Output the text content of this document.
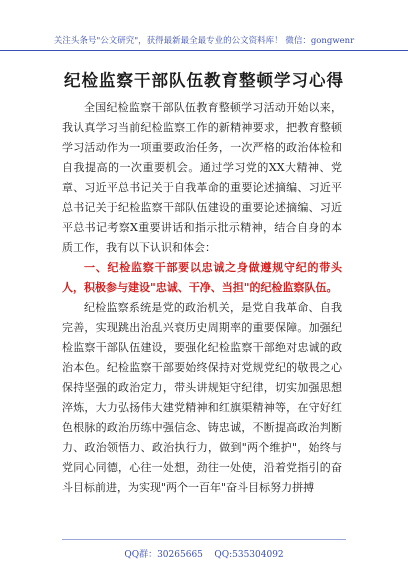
关注头条号"公文研究"，获得最新最全最专业的公文资料库！ 微信：gongwenr
纪检监察干部队伍教育整顿学习心得

全国纪检监察干部队伍教育整顿学习活动开始以来，我认真学习当前纪检监察工作的新精神要求，把教育整顿学习活动作为一项重要政治任务，一次严格的政治体检和自我提高的一次重要机会。通过学习党的XX大精神、党章、习近平总书记关于自我革命的重要论述摘编、习近平总书记关于纪检监察干部队伍建设的重要论述摘编、习近平总书记考察X重要讲话和指示批示精神，结合自身的本质工作，我有以下认识和体会：

一、纪检监察干部要以忠诚之身做遵规守纪的带头人，积极参与建设"忠诚、干净、当担"的纪检监察队伍。

纪检监察系统是党的政治机关，是党自我革命、自我完善，实现跳出治乱兴衰历史周期率的重要保障。加强纪检监察干部队伍建设，要强化纪检监察干部绝对忠诚的政治本色。纪检监察干部要始终保持对党规党纪的敬畏之心保持坚强的政治定力，带头讲规矩守纪律，切实加强思想淬炼，大力弘扬伟大建党精神和红旗渠精神等，在守好红色根脉的政治历练中强信念、铸忠诚，不断提高政治判断力、政治领悟力、政治执行力，做到"两个维护"，始终与党同心同德，心往一处想，劲往一处使，沿着党指引的奋斗目标前进，为实现"两个一百年"奋斗目标努力拼搏

QQ群：30265665    QQ:535304092
